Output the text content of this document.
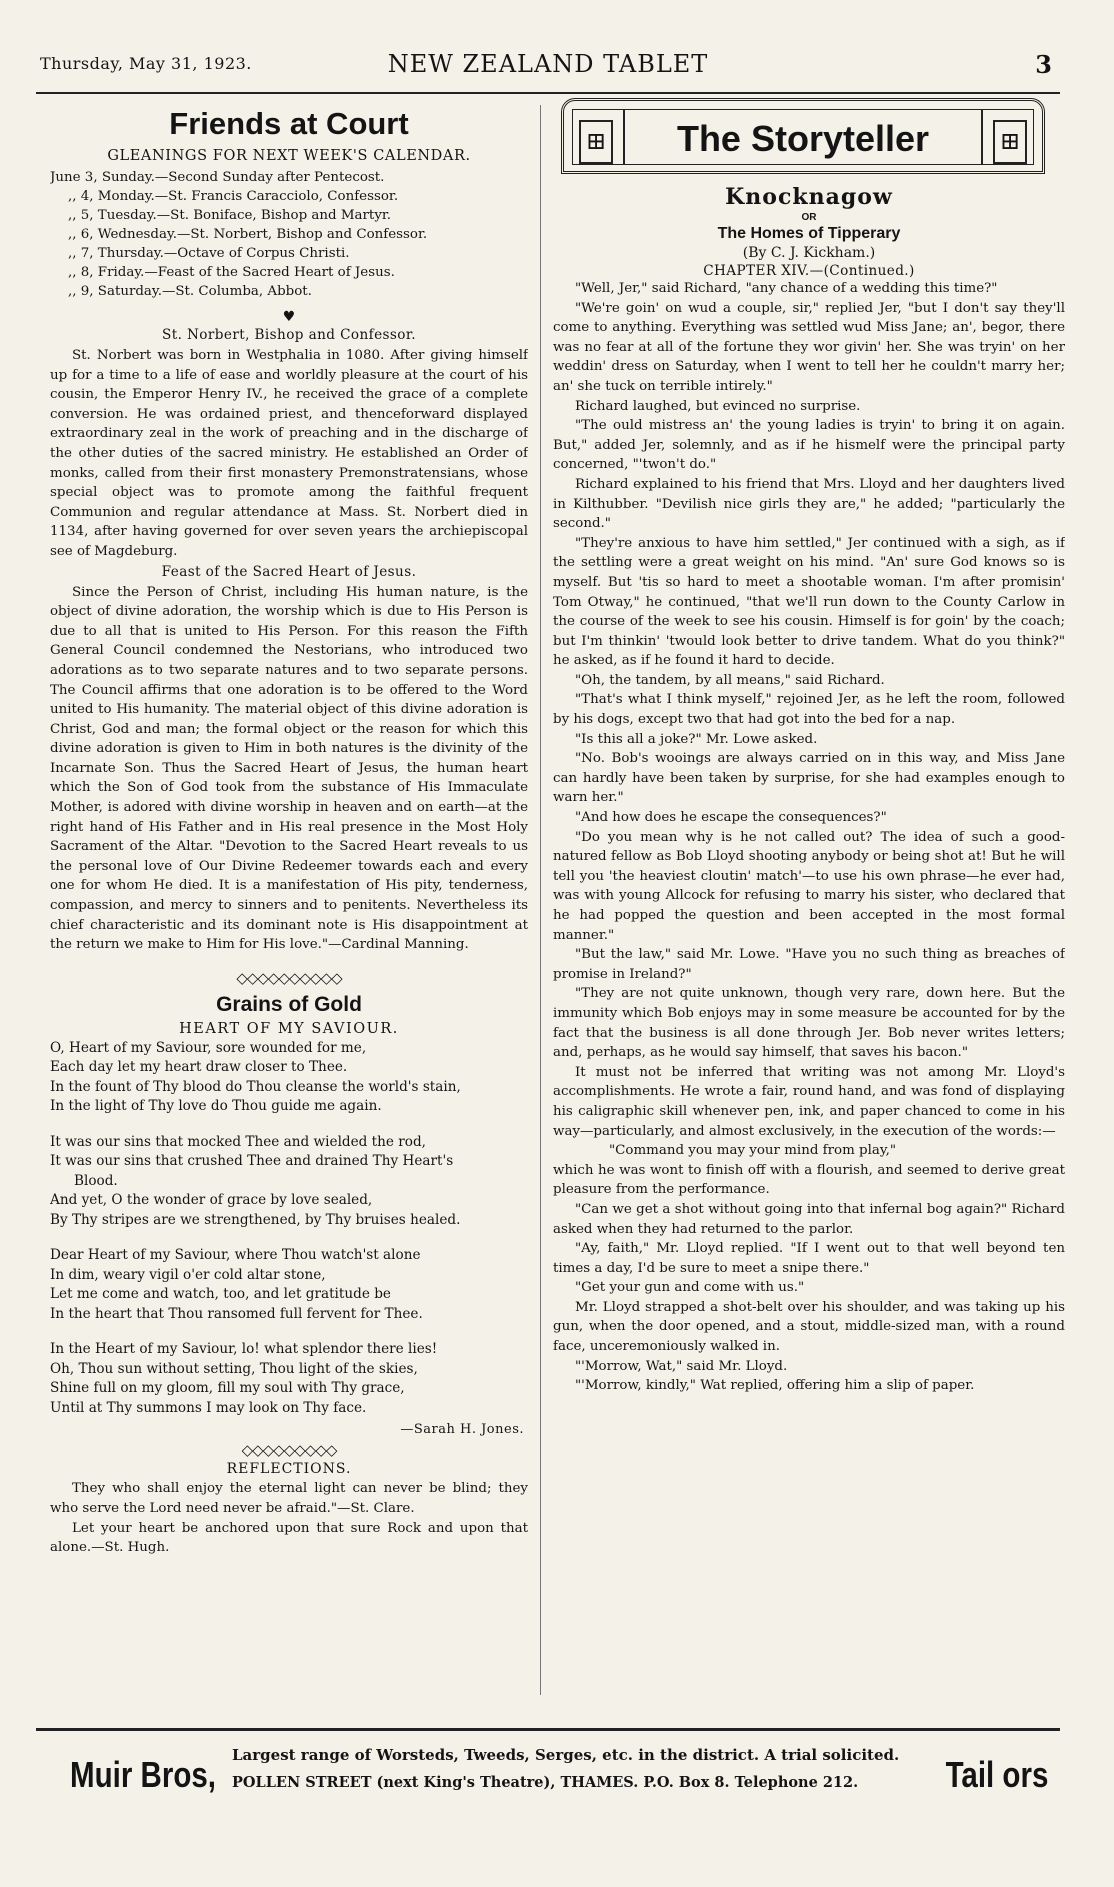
Thursday, May 31, 1923.	NEW ZEALAND TABLET	3
Friends at Court
GLEANINGS FOR NEXT WEEK'S CALENDAR.
June 3, Sunday.—Second Sunday after Pentecost.
,, 4, Monday.—St. Francis Caracciolo, Confessor.
,, 5, Tuesday.—St. Boniface, Bishop and Martyr.
,, 6, Wednesday.—St. Norbert, Bishop and Confessor.
,, 7, Thursday.—Octave of Corpus Christi.
,, 8, Friday.—Feast of the Sacred Heart of Jesus.
,, 9, Saturday.—St. Columba, Abbot.
♥
St. Norbert, Bishop and Confessor.

St. Norbert was born in Westphalia in 1080. After giving himself up for a time to a life of ease and worldly pleasure at the court of his cousin, the Emperor Henry IV., he received the grace of a complete conversion. He was ordained priest, and thenceforward displayed extraordinary zeal in the work of preaching and in the discharge of the other duties of the sacred ministry. He established an Order of monks, called from their first monastery Premonstratensians, whose special object was to promote among the faithful frequent Communion and regular attendance at Mass. St. Norbert died in 1134, after having governed for over seven years the archiepiscopal see of Magdeburg.

Feast of the Sacred Heart of Jesus.

Since the Person of Christ, including His human nature, is the object of divine adoration, the worship which is due to His Person is due to all that is united to His Person. For this reason the Fifth General Council condemned the Nestorians, who introduced two adorations as to two separate natures and to two separate persons. The Council affirms that one adoration is to be offered to the Word united to His humanity. The material object of this divine adoration is Christ, God and man; the formal object or the reason for which this divine adoration is given to Him in both natures is the divinity of the Incarnate Son. Thus the Sacred Heart of Jesus, the human heart which the Son of God took from the substance of His Immaculate Mother, is adored with divine worship in heaven and on earth—at the right hand of His Father and in His real presence in the Most Holy Sacrament of the Altar. "Devotion to the Sacred Heart reveals to us the personal love of Our Divine Redeemer towards each and every one for whom He died. It is a manifestation of His pity, tenderness, compassion, and mercy to sinners and to penitents. Nevertheless its chief characteristic and its dominant note is His disappointment at the return we make to Him for His love."—Cardinal Manning.

◇◇◇◇◇◇◇◇◇◇
Grains of Gold
HEART OF MY SAVIOUR.
O, Heart of my Saviour, sore wounded for me,
Each day let my heart draw closer to Thee.
In the fount of Thy blood do Thou cleanse the world's stain,
In the light of Thy love do Thou guide me again.
It was our sins that mocked Thee and wielded the rod,
It was our sins that crushed Thee and drained Thy Heart's
Blood.
And yet, O the wonder of grace by love sealed,
By Thy stripes are we strengthened, by Thy bruises healed.
Dear Heart of my Saviour, where Thou watch'st alone
In dim, weary vigil o'er cold altar stone,
Let me come and watch, too, and let gratitude be
In the heart that Thou ransomed full fervent for Thee.
In the Heart of my Saviour, lo! what splendor there lies!
Oh, Thou sun without setting, Thou light of the skies,
Shine full on my gloom, fill my soul with Thy grace,
Until at Thy summons I may look on Thy face.
—Sarah H. Jones.
◇◇◇◇◇◇◇◇◇
REFLECTIONS.

They who shall enjoy the eternal light can never be blind; they who serve the Lord need never be afraid."—St. Clare.

Let your heart be anchored upon that sure Rock and upon that alone.—St. Hugh.

⊞	The Storyteller	⊞
Knocknagow
OR
The Homes of Tipperary
(By C. J. Kickham.)
CHAPTER XIV.—(Continued.)

"Well, Jer," said Richard, "any chance of a wedding this time?"

"We're goin' on wud a couple, sir," replied Jer, "but I don't say they'll come to anything. Everything was settled wud Miss Jane; an', begor, there was no fear at all of the fortune they wor givin' her. She was tryin' on her weddin' dress on Saturday, when I went to tell her he couldn't marry her; an' she tuck on terrible intirely."

Richard laughed, but evinced no surprise.

"The ould mistress an' the young ladies is tryin' to bring it on again. But," added Jer, solemnly, and as if he hismelf were the principal party concerned, "'twon't do."

Richard explained to his friend that Mrs. Lloyd and her daughters lived in Kilthubber. "Devilish nice girls they are," he added; "particularly the second."

"They're anxious to have him settled," Jer continued with a sigh, as if the settling were a great weight on his mind. "An' sure God knows so is myself. But 'tis so hard to meet a shootable woman. I'm after promisin' Tom Otway," he continued, "that we'll run down to the County Carlow in the course of the week to see his cousin. Himself is for goin' by the coach; but I'm thinkin' 'twould look better to drive tandem. What do you think?" he asked, as if he found it hard to decide.

"Oh, the tandem, by all means," said Richard.

"That's what I think myself," rejoined Jer, as he left the room, followed by his dogs, except two that had got into the bed for a nap.

"Is this all a joke?" Mr. Lowe asked.

"No. Bob's wooings are always carried on in this way, and Miss Jane can hardly have been taken by surprise, for she had examples enough to warn her."

"And how does he escape the consequences?"

"Do you mean why is he not called out? The idea of such a good-natured fellow as Bob Lloyd shooting anybody or being shot at! But he will tell you 'the heaviest cloutin' match'—to use his own phrase—he ever had, was with young Allcock for refusing to marry his sister, who declared that he had popped the question and been accepted in the most formal manner."

"But the law," said Mr. Lowe. "Have you no such thing as breaches of promise in Ireland?"

"They are not quite unknown, though very rare, down here. But the immunity which Bob enjoys may in some measure be accounted for by the fact that the business is all done through Jer. Bob never writes letters; and, perhaps, as he would say himself, that saves his bacon."

It must not be inferred that writing was not among Mr. Lloyd's accomplishments. He wrote a fair, round hand, and was fond of displaying his caligraphic skill whenever pen, ink, and paper chanced to come in his way—particularly, and almost exclusively, in the execution of the words:—

"Command you may your mind from play,"

which he was wont to finish off with a flourish, and seemed to derive great pleasure from the performance.

"Can we get a shot without going into that infernal bog again?" Richard asked when they had returned to the parlor.

"Ay, faith," Mr. Lloyd replied. "If I went out to that well beyond ten times a day, I'd be sure to meet a snipe there."

"Get your gun and come with us."

Mr. Lloyd strapped a shot-belt over his shoulder, and was taking up his gun, when the door opened, and a stout, middle-sized man, with a round face, unceremoniously walked in.

"'Morrow, Wat," said Mr. Lloyd.

"'Morrow, kindly," Wat replied, offering him a slip of paper.

Muir Bros, Largest range of Worsteds, Tweeds, Serges, etc. in the district. A trial solicited.
POLLEN STREET (next King's Theatre), THAMES. P.O. Box 8. Telephone 212. Tail ors
